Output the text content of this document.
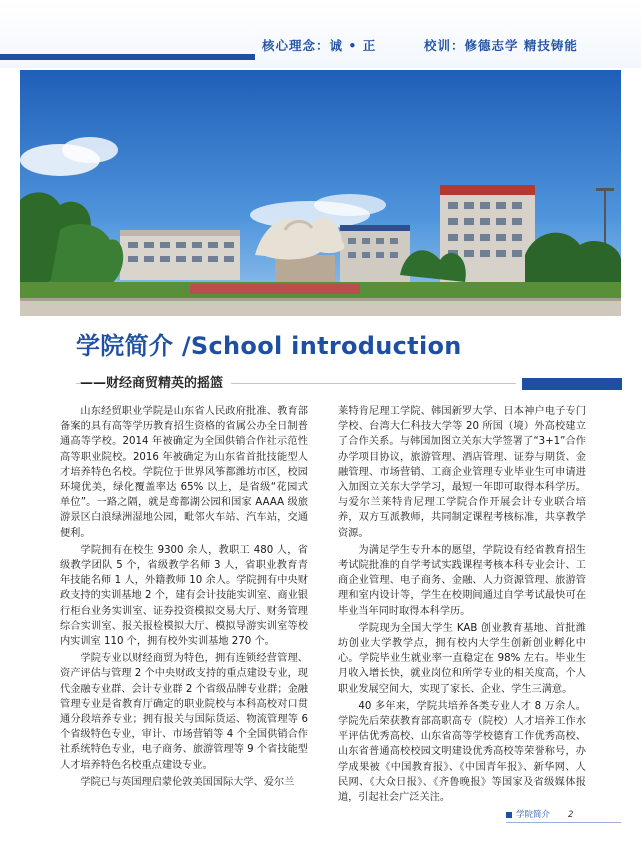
核心理念：诚 • 正	校训：修德志学 精技铸能
学院简介 /School introduction
——财经商贸精英的摇篮

山东经贸职业学院是山东省人民政府批准、教育部备案的具有高等学历教育招生资格的省属公办全日制普通高等学校。2014 年被确定为全国供销合作社示范性高等职业院校。2016 年被确定为山东省首批技能型人才培养特色名校。学院位于世界风筝都潍坊市区，校园环境优美，绿化覆盖率达 65% 以上，是省级“花园式单位”。一路之隔，就是鸢都湖公园和国家 AAAA 级旅游景区白浪绿洲湿地公园，毗邻火车站、汽车站，交通便利。

学院拥有在校生 9300 余人，教职工 480 人，省级教学团队 5 个，省级教学名师 3 人，省职业教育青年技能名师 1 人，外籍教师 10 余人。学院拥有中央财政支持的实训基地 2 个，建有会计技能实训室、商业银行柜台业务实训室、证券投资模拟交易大厅、财务管理综合实训室、报关报检模拟大厅、模拟导游实训室等校内实训室 110 个，拥有校外实训基地 270 个。

学院专业以财经商贸为特色，拥有连锁经营管理、资产评估与管理 2 个中央财政支持的重点建设专业，现代金融专业群、会计专业群 2 个省级品牌专业群；金融管理专业是省教育厅确定的职业院校与本科高校对口贯通分段培养专业；拥有报关与国际货运、物流管理等 6 个省级特色专业，审计、市场营销等 4 个全国供销合作社系统特色专业，电子商务、旅游管理等 9 个省技能型人才培养特色名校重点建设专业。

学院已与英国理启蒙伦敦美国国际大学、爱尔兰

莱特肯尼理工学院、韩国新罗大学、日本神户电子专门学校、台湾大仁科技大学等 20 所国（境）外高校建立了合作关系。与韩国加图立关东大学签署了“3+1”合作办学项目协议，旅游管理、酒店管理、证券与期货、金融管理、市场营销、工商企业管理专业毕业生可申请进入加图立关东大学学习，最短一年即可取得本科学历。与爱尔兰莱特肯尼理工学院合作开展会计专业联合培养，双方互派教师，共同制定课程考核标准，共享教学资源。

为满足学生专升本的愿望，学院设有经省教育招生考试院批准的自学考试实践课程考核本科专业会计、工商企业管理、电子商务、金融、人力资源管理、旅游管理和室内设计等，学生在校期间通过自学考试最快可在毕业当年同时取得本科学历。

学院现为全国大学生 KAB 创业教育基地、首批潍坊创业大学教学点，拥有校内大学生创新创业孵化中心。学院毕业生就业率一直稳定在 98% 左右。毕业生月收入增长快，就业岗位和所学专业的相关度高，个人职业发展空间大，实现了家长、企业、学生三满意。

40 多年来，学院共培养各类专业人才 8 万余人。学院先后荣获教育部高职高专（院校）人才培养工作水平评估优秀高校、山东省高等学校德育工作优秀高校、山东省普通高校校园文明建设优秀高校等荣誉称号，办学成果被《中国教育报》、《中国青年报》、新华网、人民网、《大众日报》、《齐鲁晚报》等国家及省级媒体报道，引起社会广泛关注。

学院简介 2
